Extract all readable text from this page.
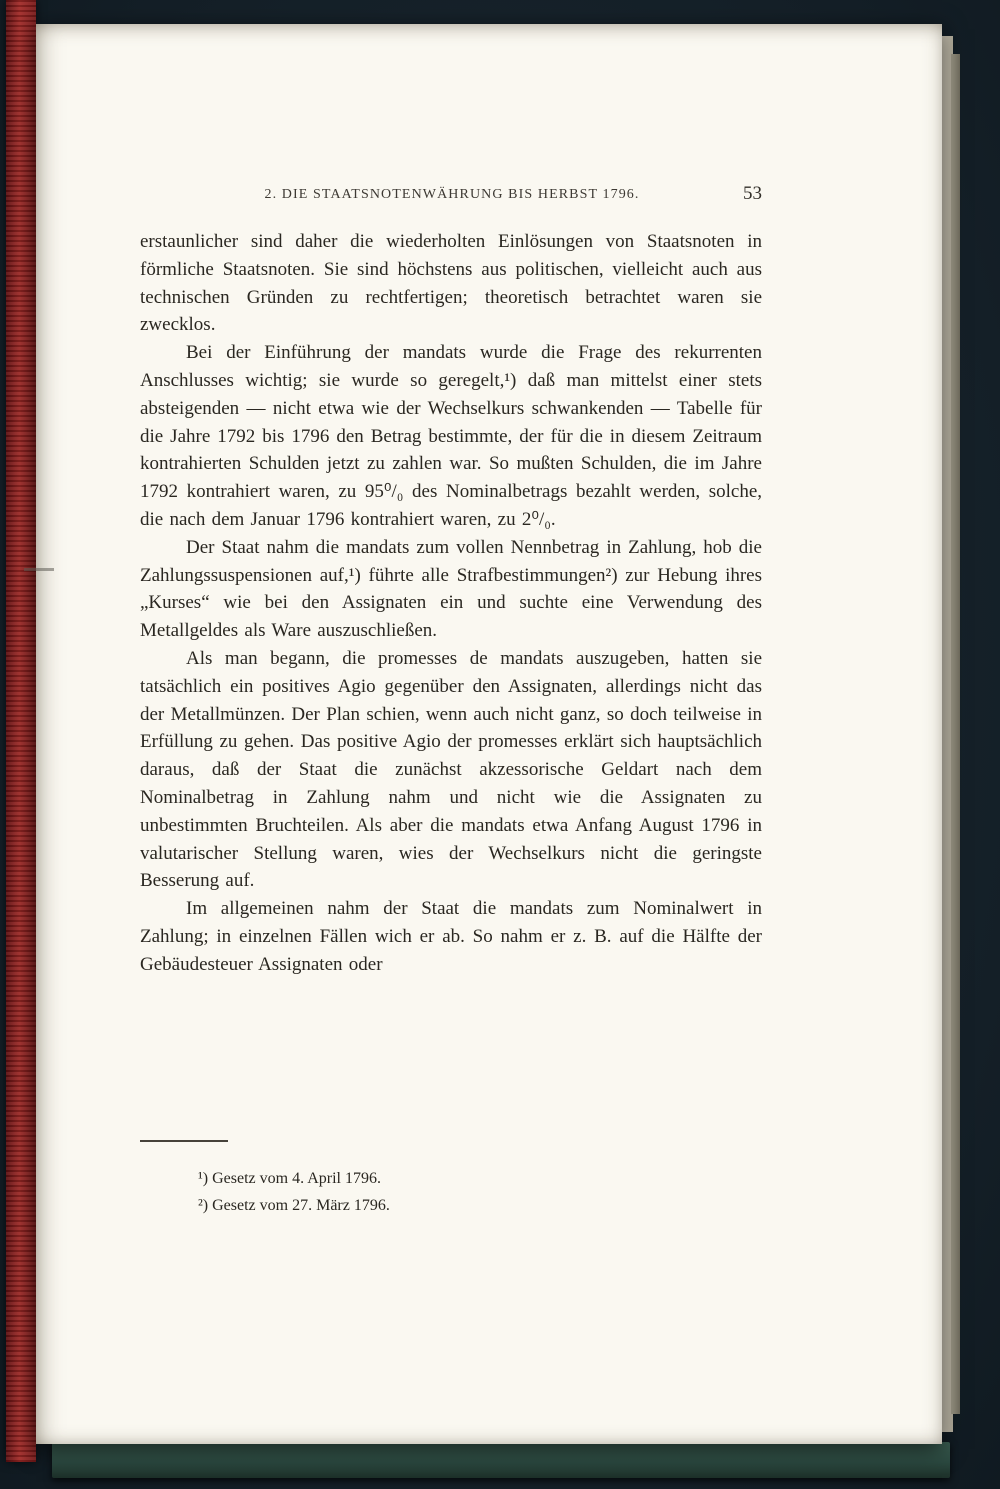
2. DIE STAATSNOTENWÄHRUNG BIS HERBST 1796.	53

erstaunlicher sind daher die wiederholten Einlösungen von Staatsnoten in förmliche Staatsnoten. Sie sind höchstens aus politischen, vielleicht auch aus technischen Gründen zu rechtfertigen; theoretisch betrachtet waren sie zwecklos.

Bei der Einführung der mandats wurde die Frage des rekurrenten Anschlusses wichtig; sie wurde so geregelt,¹) daß man mittelst einer stets absteigenden — nicht etwa wie der Wechselkurs schwankenden — Tabelle für die Jahre 1792 bis 1796 den Betrag bestimmte, der für die in diesem Zeitraum kontrahierten Schulden jetzt zu zahlen war. So mußten Schulden, die im Jahre 1792 kontrahiert waren, zu 95⁰/₀ des Nominalbetrags bezahlt werden, solche, die nach dem Januar 1796 kontrahiert waren, zu 2⁰/₀.

Der Staat nahm die mandats zum vollen Nennbetrag in Zahlung, hob die Zahlungssuspensionen auf,¹) führte alle Strafbestimmungen²) zur Hebung ihres „Kurses“ wie bei den Assignaten ein und suchte eine Verwendung des Metallgeldes als Ware auszuschließen.

Als man begann, die promesses de mandats auszugeben, hatten sie tatsächlich ein positives Agio gegenüber den Assignaten, allerdings nicht das der Metallmünzen. Der Plan schien, wenn auch nicht ganz, so doch teilweise in Erfüllung zu gehen. Das positive Agio der promesses erklärt sich hauptsächlich daraus, daß der Staat die zunächst akzessorische Geldart nach dem Nominalbetrag in Zahlung nahm und nicht wie die Assignaten zu unbestimmten Bruchteilen. Als aber die mandats etwa Anfang August 1796 in valutarischer Stellung waren, wies der Wechselkurs nicht die geringste Besserung auf.

Im allgemeinen nahm der Staat die mandats zum Nominalwert in Zahlung; in einzelnen Fällen wich er ab. So nahm er z. B. auf die Hälfte der Gebäudesteuer Assignaten oder

¹) Gesetz vom 4. April 1796.

²) Gesetz vom 27. März 1796.
